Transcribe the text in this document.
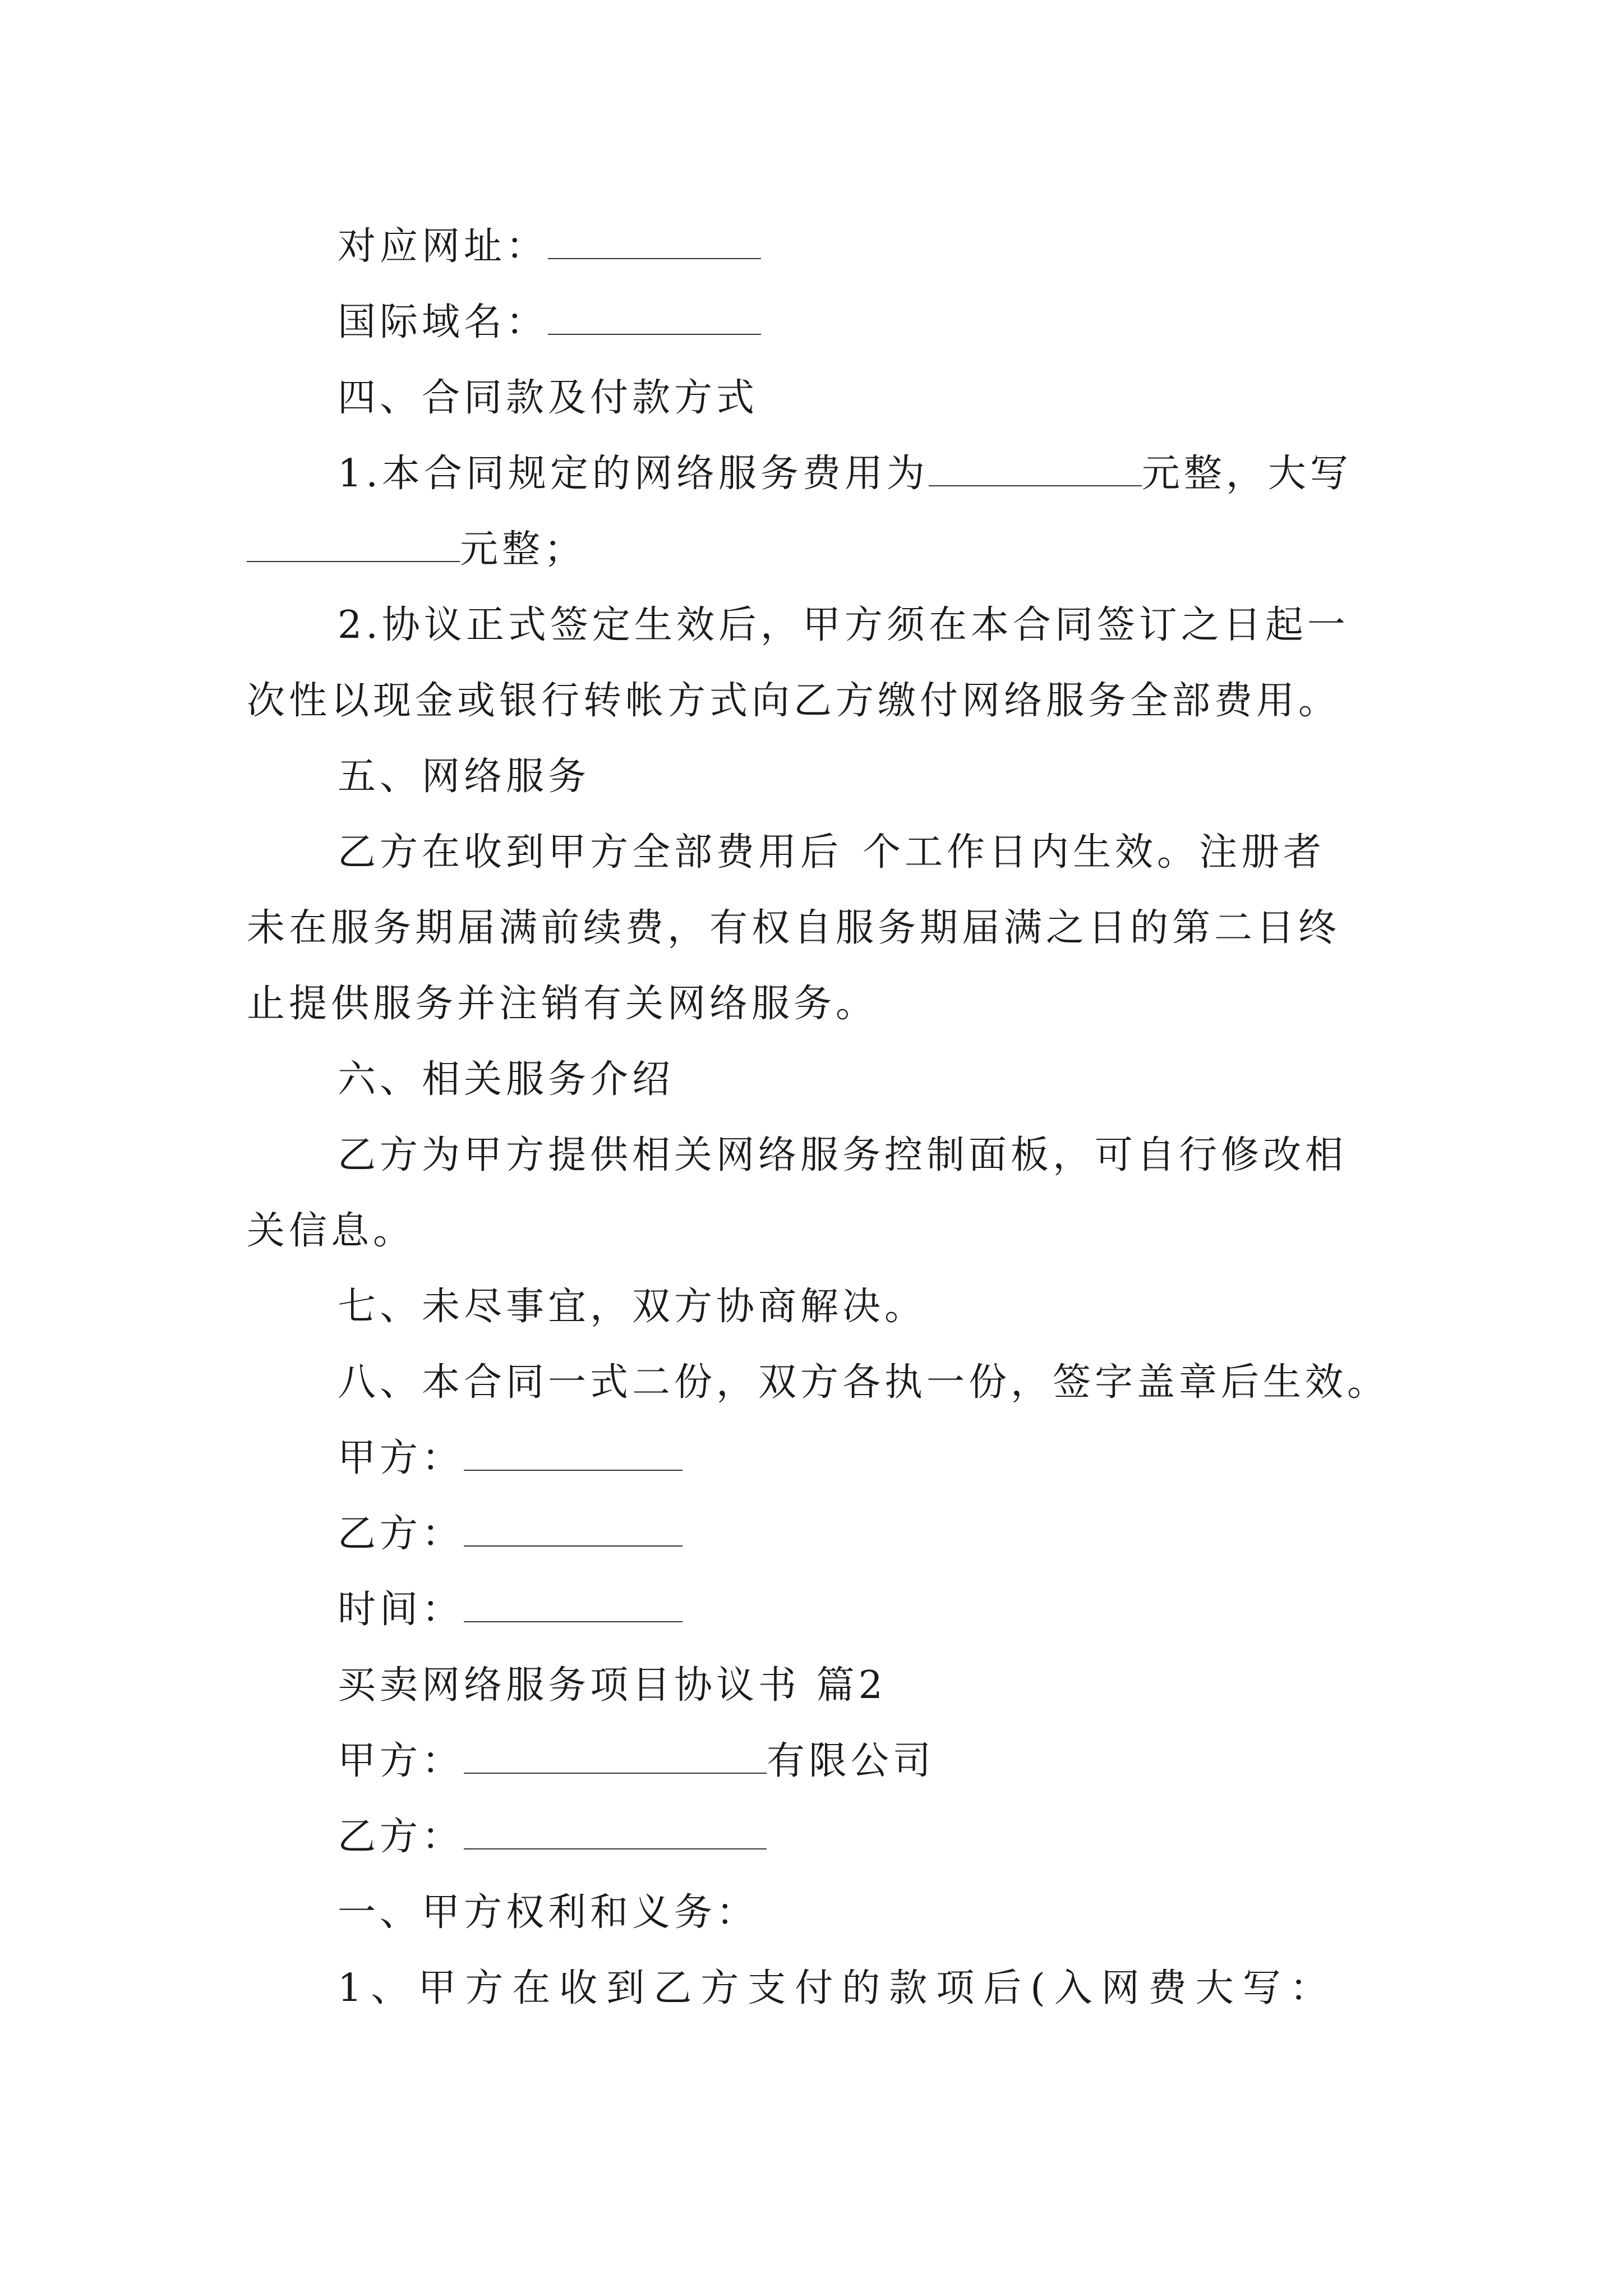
对应网址：
国际域名：
四、合同款及付款方式
1.本合同规定的网络服务费用为	元整，大写
元整；
2.协议正式签定生效后，甲方须在本合同签订之日起一
次性以现金或银行转帐方式向乙方缴付网络服务全部费用。
五、网络服务
乙方在收到甲方全部费用后 个工作日内生效。注册者
未在服务期届满前续费，有权自服务期届满之日的第二日终
止提供服务并注销有关网络服务。
六、相关服务介绍
乙方为甲方提供相关网络服务控制面板，可自行修改相
关信息。
七、未尽事宜，双方协商解决。
八、本合同一式二份，双方各执一份，签字盖章后生效。
甲方：
乙方：
时间：
买卖网络服务项目协议书 篇2
甲方：	有限公司
乙方：
一、甲方权利和义务：
1、甲方在收到乙方支付的款项后(入网费大写：
